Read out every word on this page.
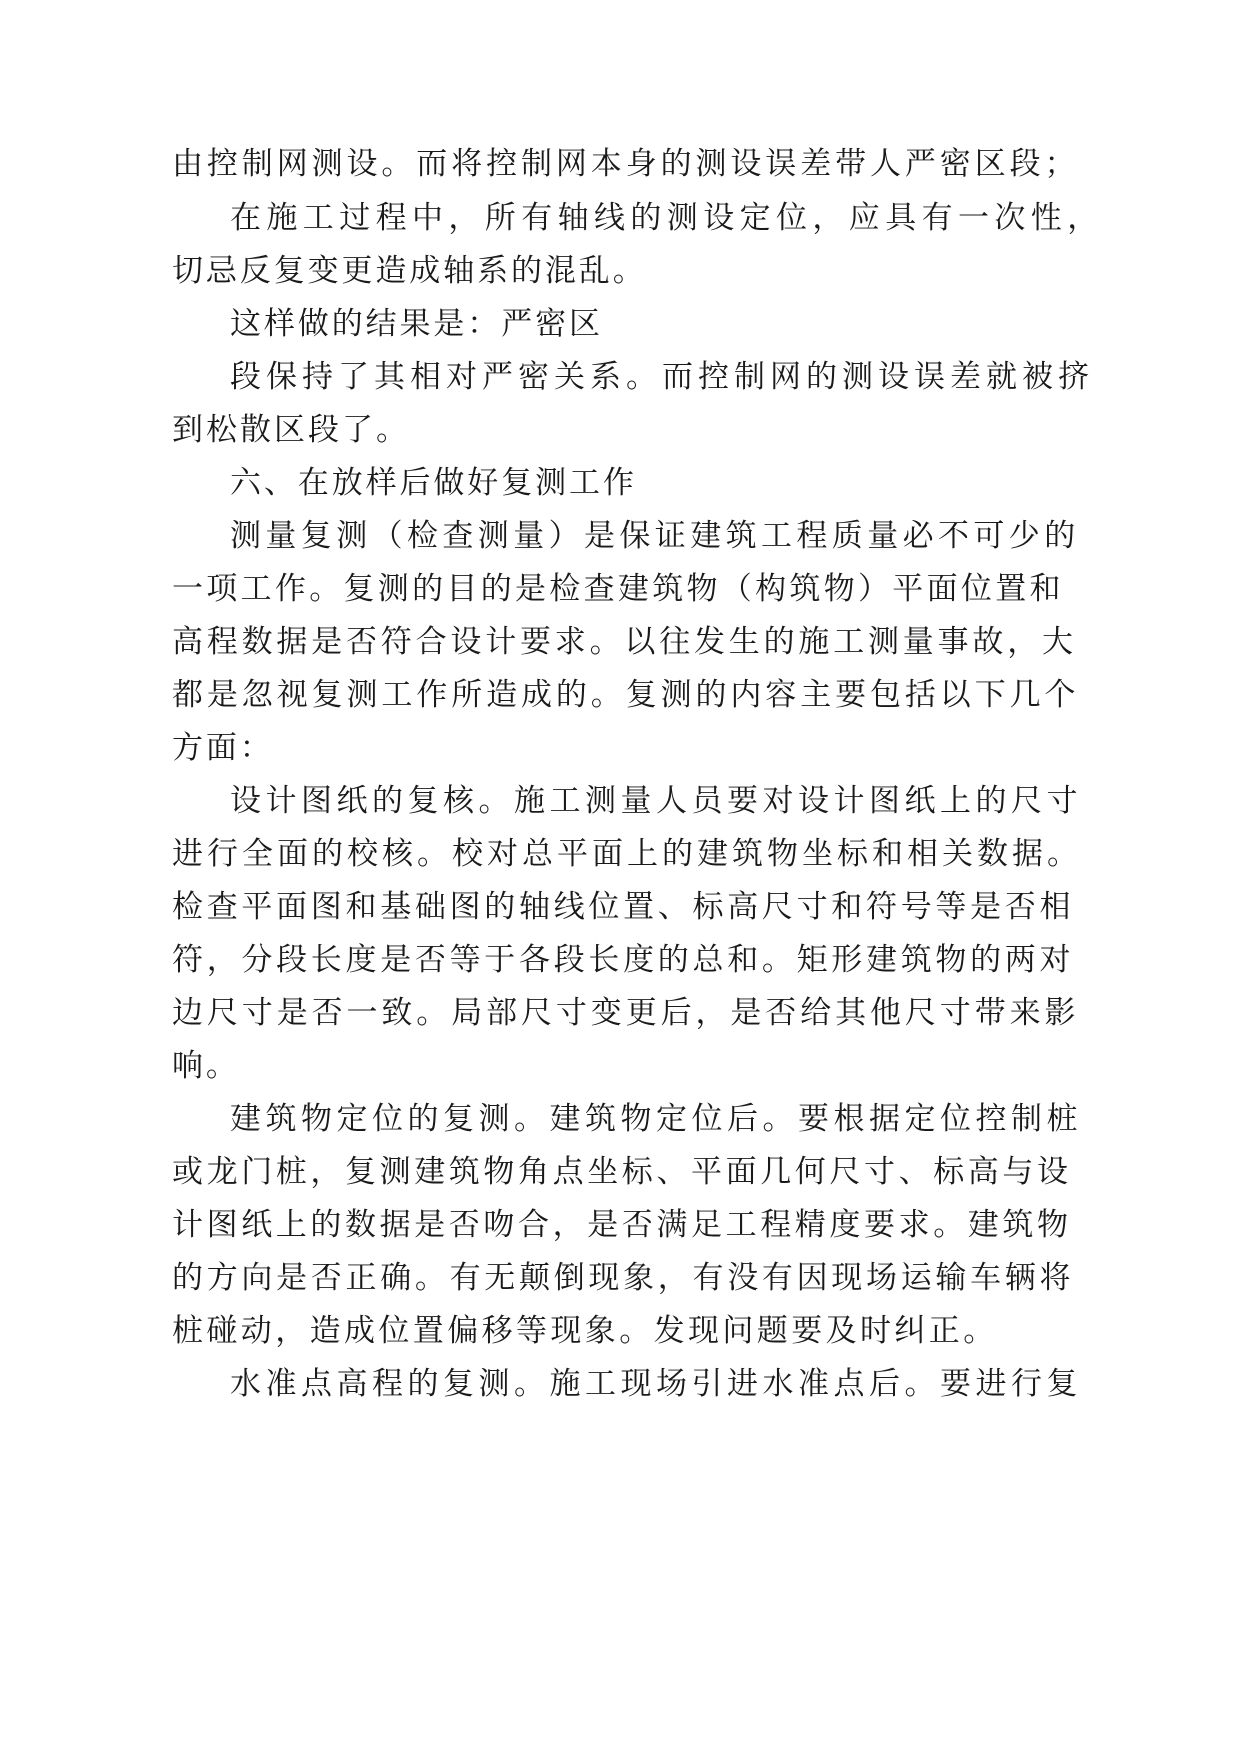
由控制网测设。而将控制网本身的测设误差带人严密区段；
在施工过程中，所有轴线的测设定位，应具有一次性，
切忌反复变更造成轴系的混乱。
这样做的结果是：严密区
段保持了其相对严密关系。而控制网的测设误差就被挤
到松散区段了。
六、在放样后做好复测工作
测量复测（检查测量）是保证建筑工程质量必不可少的
一项工作。复测的目的是检查建筑物（构筑物）平面位置和
高程数据是否符合设计要求。以往发生的施工测量事故，大
都是忽视复测工作所造成的。复测的内容主要包括以下几个
方面：
设计图纸的复核。施工测量人员要对设计图纸上的尺寸
进行全面的校核。校对总平面上的建筑物坐标和相关数据。
检查平面图和基础图的轴线位置、标高尺寸和符号等是否相
符，分段长度是否等于各段长度的总和。矩形建筑物的两对
边尺寸是否一致。局部尺寸变更后，是否给其他尺寸带来影
响。
建筑物定位的复测。建筑物定位后。要根据定位控制桩
或龙门桩，复测建筑物角点坐标、平面几何尺寸、标高与设
计图纸上的数据是否吻合，是否满足工程精度要求。建筑物
的方向是否正确。有无颠倒现象，有没有因现场运输车辆将
桩碰动，造成位置偏移等现象。发现问题要及时纠正。
水准点高程的复测。施工现场引进水准点后。要进行复
